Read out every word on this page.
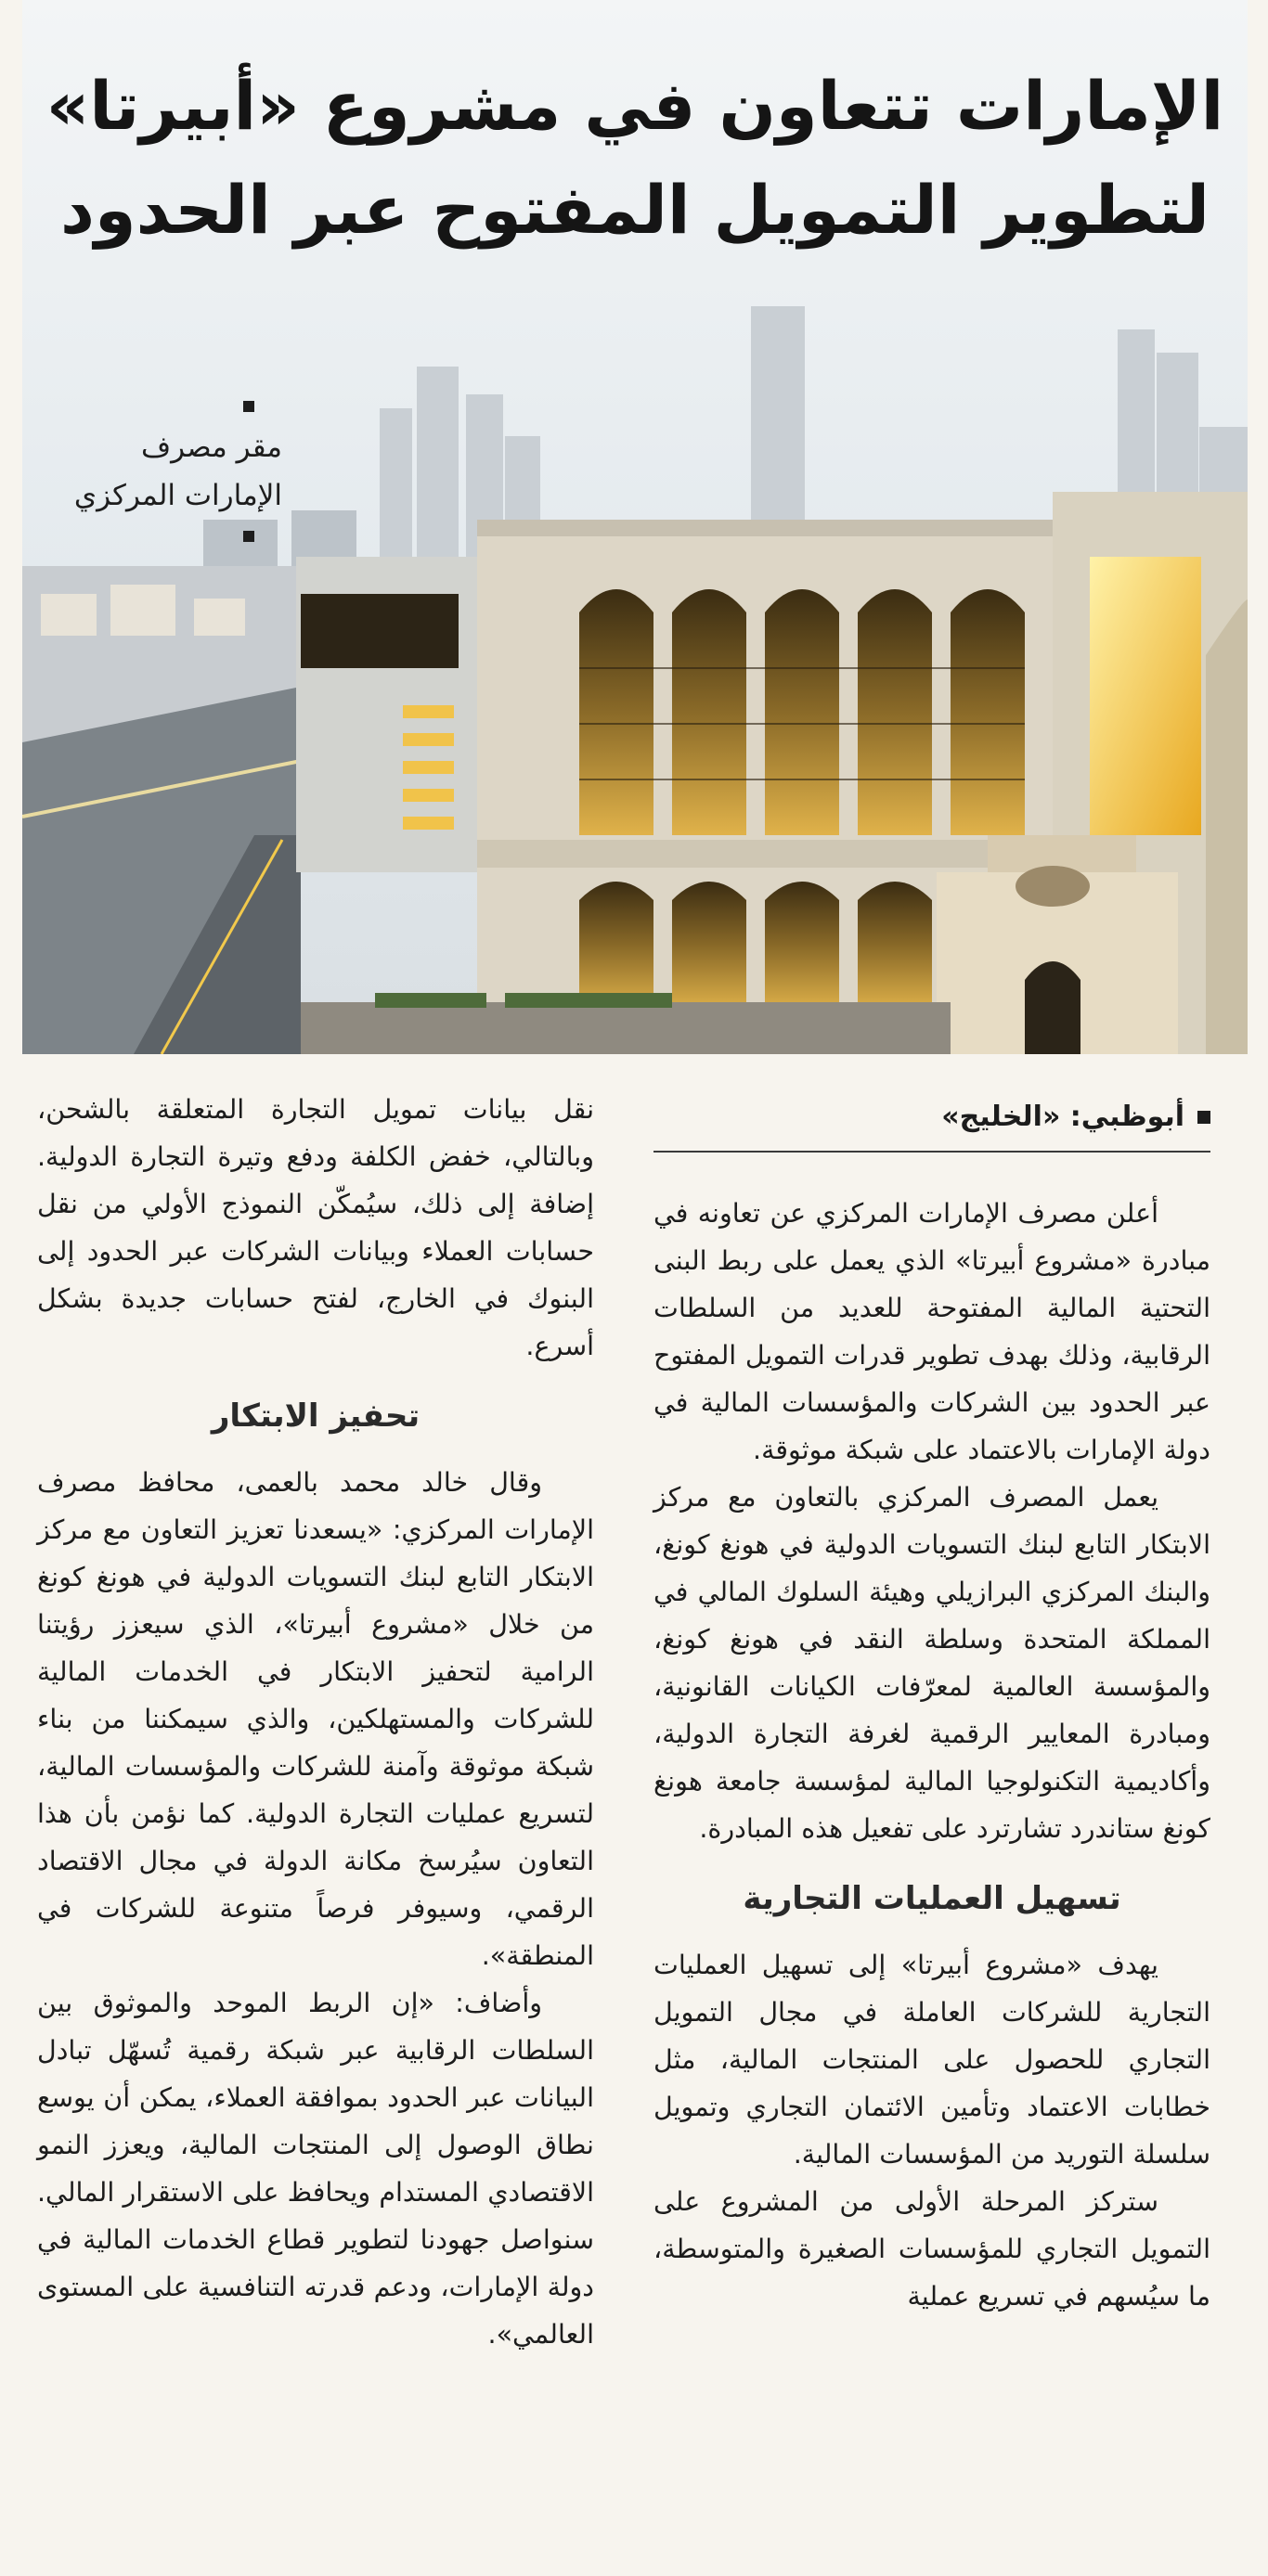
الإمارات تتعاون في مشروع «أبيرتا»
لتطوير التمويل المفتوح عبر الحدود
مقر مصرف
الإمارات المركزي
أبوظبي: «الخليج»

أعلن مصرف الإمارات المركزي عن تعاونه في مبادرة «مشروع أبيرتا» الذي يعمل على ربط البنى التحتية المالية المفتوحة للعديد من السلطات الرقابية، وذلك بهدف تطوير قدرات التمويل المفتوح عبر الحدود بين الشركات والمؤسسات المالية في دولة الإمارات بالاعتماد على شبكة موثوقة.

يعمل المصرف المركزي بالتعاون مع مركز الابتكار التابع لبنك التسويات الدولية في هونغ كونغ، والبنك المركزي البرازيلي وهيئة السلوك المالي في المملكة المتحدة وسلطة النقد في هونغ كونغ، والمؤسسة العالمية لمعرّفات الكيانات القانونية، ومبادرة المعايير الرقمية لغرفة التجارة الدولية، وأكاديمية التكنولوجيا المالية لمؤسسة جامعة هونغ كونغ ستاندرد تشارترد على تفعيل هذه المبادرة.

تسهيل العمليات التجارية

يهدف «مشروع أبيرتا» إلى تسهيل العمليات التجارية للشركات العاملة في مجال التمويل التجاري للحصول على المنتجات المالية، مثل خطابات الاعتماد وتأمين الائتمان التجاري وتمويل سلسلة التوريد من المؤسسات المالية.

ستركز المرحلة الأولى من المشروع على التمويل التجاري للمؤسسات الصغيرة والمتوسطة، ما سيُسهم في تسريع عملية

نقل بيانات تمويل التجارة المتعلقة بالشحن، وبالتالي، خفض الكلفة ودفع وتيرة التجارة الدولية. إضافة إلى ذلك، سيُمكّن النموذج الأولي من نقل حسابات العملاء وبيانات الشركات عبر الحدود إلى البنوك في الخارج، لفتح حسابات جديدة بشكل أسرع.

تحفيز الابتكار

وقال خالد محمد بالعمى، محافظ مصرف الإمارات المركزي: «يسعدنا تعزيز التعاون مع مركز الابتكار التابع لبنك التسويات الدولية في هونغ كونغ من خلال «مشروع أبيرتا»، الذي سيعزز رؤيتنا الرامية لتحفيز الابتكار في الخدمات المالية للشركات والمستهلكين، والذي سيمكننا من بناء شبكة موثوقة وآمنة للشركات والمؤسسات المالية، لتسريع عمليات التجارة الدولية. كما نؤمن بأن هذا التعاون سيُرسخ مكانة الدولة في مجال الاقتصاد الرقمي، وسيوفر فرصاً متنوعة للشركات في المنطقة».

وأضاف: «إن الربط الموحد والموثوق بين السلطات الرقابية عبر شبكة رقمية تُسهّل تبادل البيانات عبر الحدود بموافقة العملاء، يمكن أن يوسع نطاق الوصول إلى المنتجات المالية، ويعزز النمو الاقتصادي المستدام ويحافظ على الاستقرار المالي. سنواصل جهودنا لتطوير قطاع الخدمات المالية في دولة الإمارات، ودعم قدرته التنافسية على المستوى العالمي».
